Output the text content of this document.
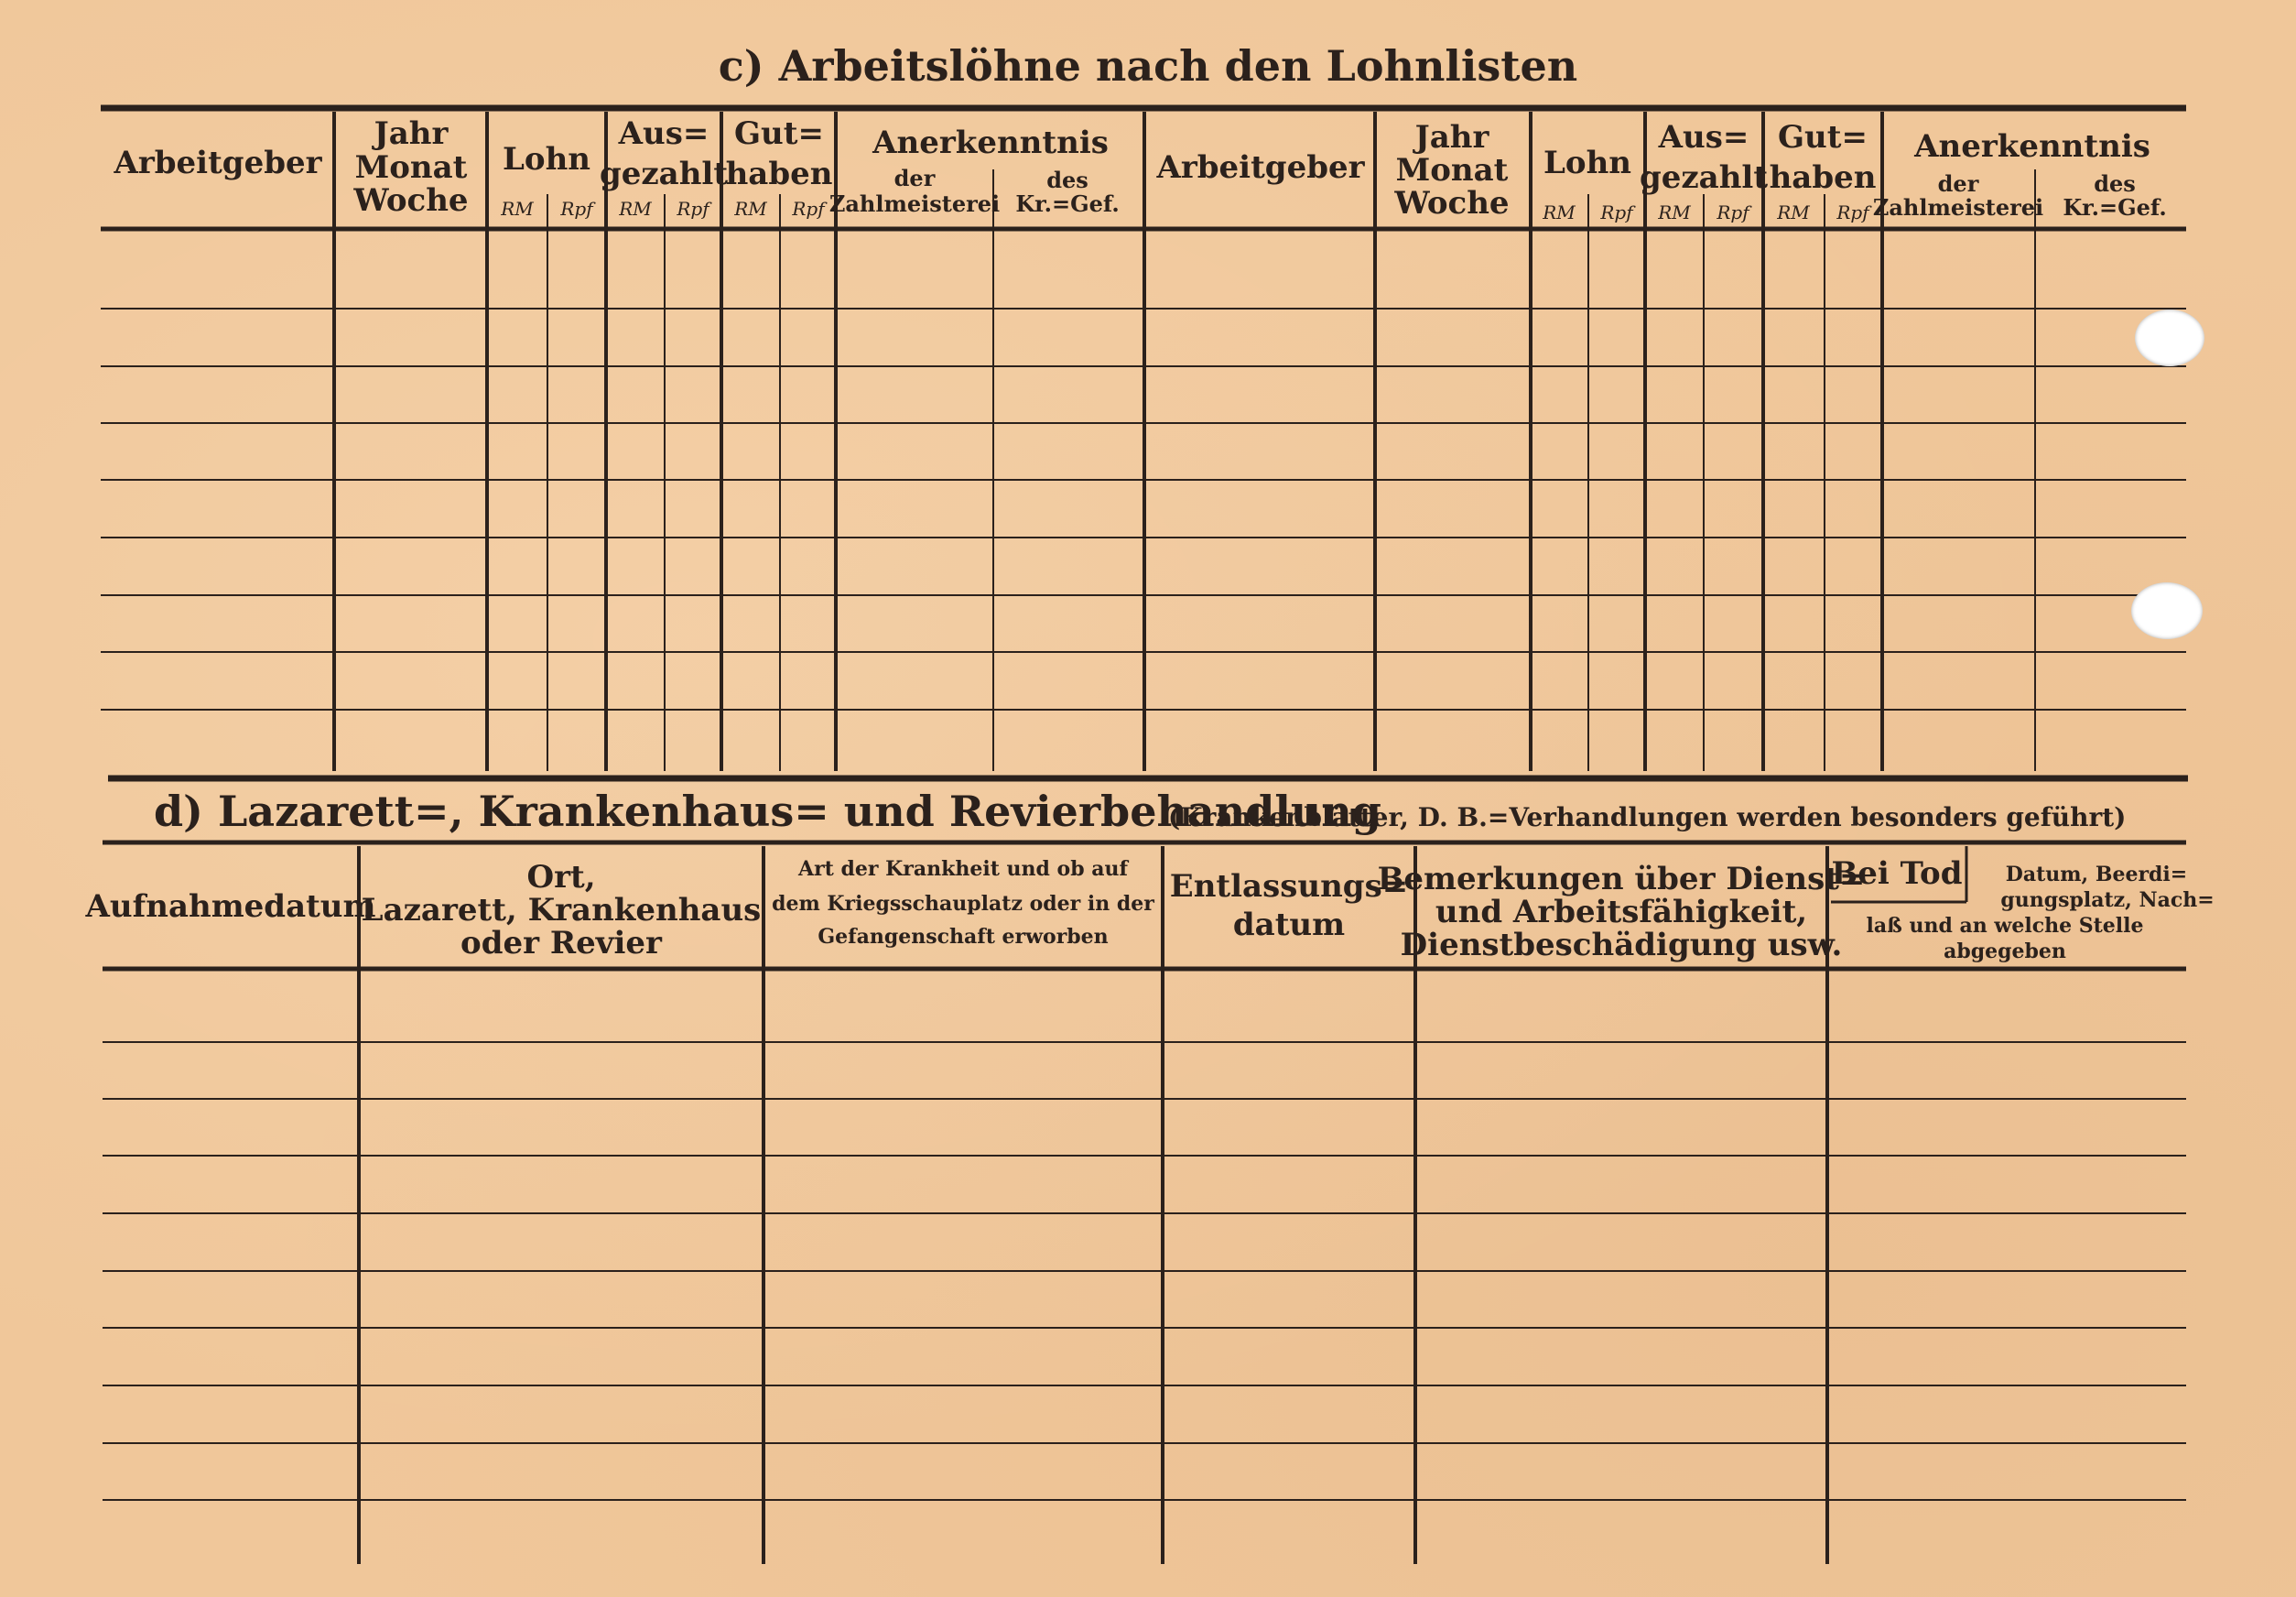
c) Arbeitslöhne nach den Lohnlisten
Arbeitgeber
Jahr
Monat
Woche
Lohn
Aus=
gezahlt
Gut=
haben
RM Rpf RM Rpf RM Rpf
Anerkenntnis
der
Zahlmeisterei
des
Kr.=Gef.
Arbeitgeber
Jahr
Monat
Woche
Lohn
Aus=
gezahlt
Gut=
haben
RM Rpf RM Rpf RM Rpf
Anerkenntnis
der
Zahlmeisterei
des
Kr.=Gef.
d) Lazarett=, Krankenhaus= und Revierbehandlung
(Krankenblätter, D. B.=Verhandlungen werden besonders geführt)
Aufnahmedatum
Ort,
Lazarett, Krankenhaus
oder Revier
Art der Krankheit und ob auf
dem Kriegsschauplatz oder in der
Gefangenschaft erworben
Entlassungs=
datum
Bemerkungen über Dienst=
und Arbeitsfähigkeit,
Dienstbeschädigung usw.
Bei Tod Datum, Beerdi=
gungsplatz, Nach=
laß und an welche Stelle
abgegeben
